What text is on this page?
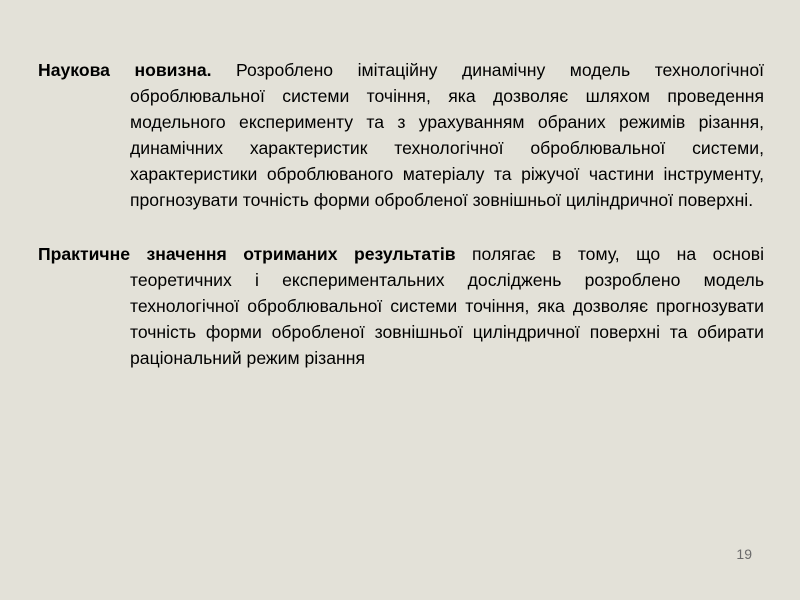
Наукова новизна. Розроблено імітаційну динамічну модель технологічної оброблювальної системи точіння, яка дозволяє шляхом проведення модельного експерименту та з урахуванням обраних режимів різання, динамічних характеристик технологічної оброблювальної системи, характеристики оброблюваного матеріалу та ріжучої частини інструменту, прогнозувати точність форми обробленої зовнішньої циліндричної поверхні.

Практичне значення отриманих результатів полягає в тому, що на основі теоретичних і експериментальних досліджень розроблено модель технологічної оброблювальної системи точіння, яка дозволяє прогнозувати точність форми обробленої зовнішньої циліндричної поверхні та обирати раціональний режим різання

19
